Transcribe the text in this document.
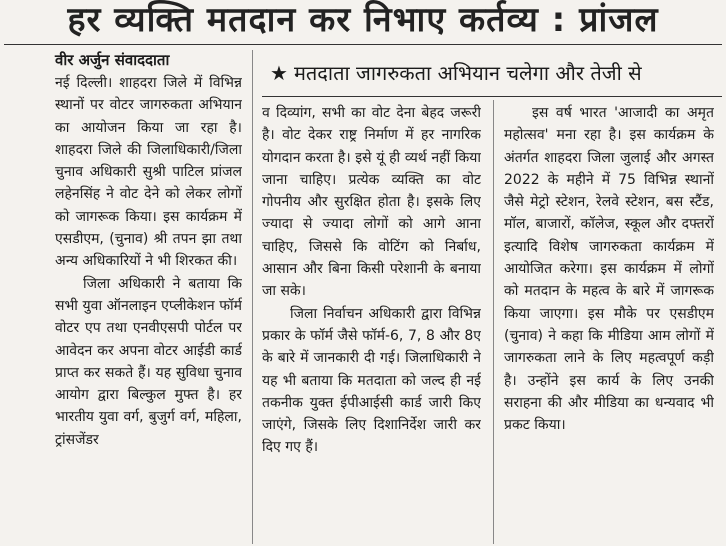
हर व्यक्ति मतदान कर निभाए कर्तव्य : प्रांजल
वीर अर्जुन संवाददाता
★ मतदाता जागरुकता अभियान चलेगा और तेजी से

नई दिल्ली। शाहदरा जिले में विभिन्न स्थानों पर वोटर जागरुकता अभियान का आयोजन किया जा रहा है। शाहदरा जिले की जिलाधिकारी/जिला चुनाव अधिकारी सुश्री पाटिल प्रांजल लहेनसिंह ने वोट देने को लेकर लोगों को जागरूक किया। इस कार्यक्रम में एसडीएम, (चुनाव) श्री तपन झा तथा अन्य अधिकारियों ने भी शिरकत की।

जिला अधिकारी ने बताया कि सभी युवा ऑनलाइन एप्लीकेशन फॉर्म वोटर एप तथा एनवीएसपी पोर्टल पर आवेदन कर अपना वोटर आईडी कार्ड प्राप्त कर सकते हैं। यह सुविधा चुनाव आयोग द्वारा बिल्कुल मुफ्त है। हर भारतीय युवा वर्ग, बुजुर्ग वर्ग, महिला, ट्रांसजेंडर

व दिव्यांग, सभी का वोट देना बेहद जरूरी है। वोट देकर राष्ट्र निर्माण में हर नागरिक योगदान करता है। इसे यूं ही व्यर्थ नहीं किया जाना चाहिए। प्रत्येक व्यक्ति का वोट गोपनीय और सुरक्षित होता है। इसके लिए ज्यादा से ज्यादा लोगों को आगे आना चाहिए, जिससे कि वोटिंग को निर्बाध, आसान और बिना किसी परेशानी के बनाया जा सके।

जिला निर्वाचन अधिकारी द्वारा विभिन्न प्रकार के फॉर्म जैसे फॉर्म-6, 7, 8 और 8ए के बारे में जानकारी दी गई। जिलाधिकारी ने यह भी बताया कि मतदाता को जल्द ही नई तकनीक युक्त ईपीआईसी कार्ड जारी किए जाएंगे, जिसके लिए दिशानिर्देश जारी कर दिए गए हैं।

इस वर्ष भारत 'आजादी का अमृत महोत्सव' मना रहा है। इस कार्यक्रम के अंतर्गत शाहदरा जिला जुलाई और अगस्त 2022 के महीने में 75 विभिन्न स्थानों जैसे मेट्रो स्टेशन, रेलवे स्टेशन, बस स्टैंड, मॉल, बाजारों, कॉलेज, स्कूल और दफ्तरों इत्यादि विशेष जागरुकता कार्यक्रम में आयोजित करेगा। इस कार्यक्रम में लोगों को मतदान के महत्व के बारे में जागरूक किया जाएगा। इस मौके पर एसडीएम (चुनाव) ने कहा कि मीडिया आम लोगों में जागरुकता लाने के लिए महत्वपूर्ण कड़ी है। उन्होंने इस कार्य के लिए उनकी सराहना की और मीडिया का धन्यवाद भी प्रकट किया।
